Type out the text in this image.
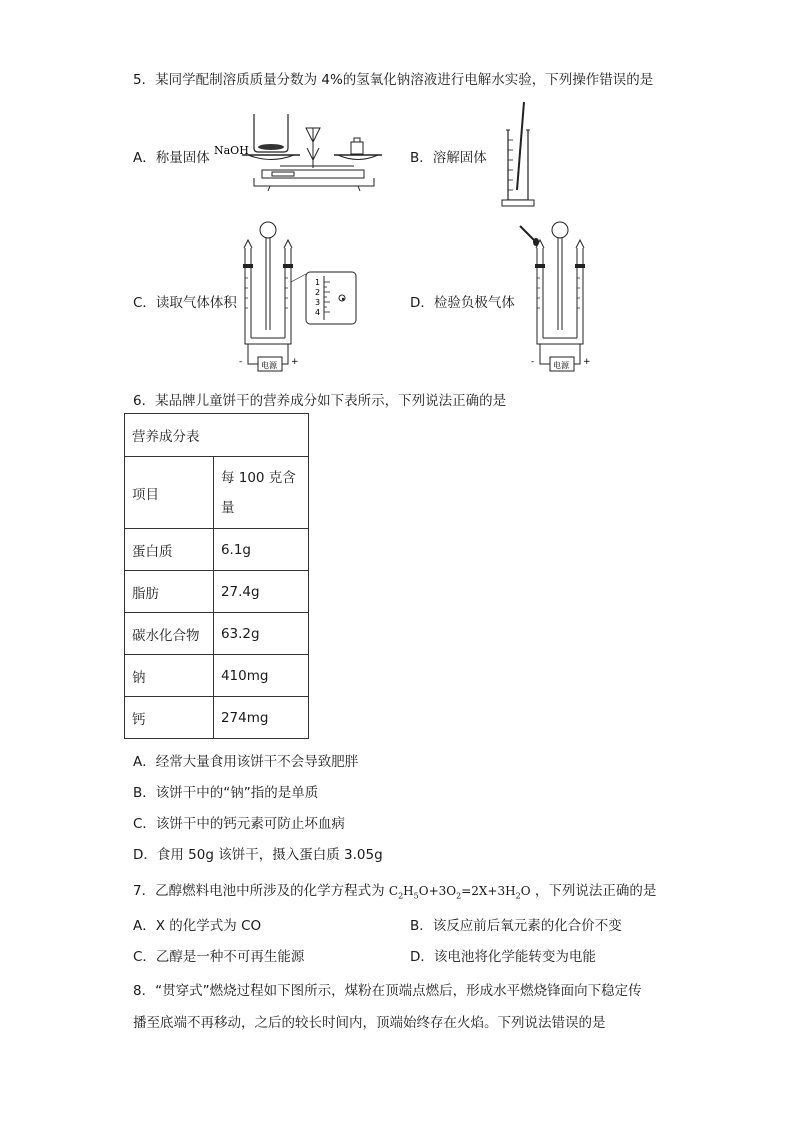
5．某同学配制溶质质量分数为 4%的氢氧化钠溶液进行电解水实验，下列操作错误的是
A．称量固体	B．溶解固体
C．读取气体体积	D．检验负极气体
NaOH
电源
-	+
1
2
3
4
电源
-	+
6．某品牌儿童饼干的营养成分如下表所示，下列说法正确的是
营养成分表	
项目	每 100 克含
量

蛋白质	6.1g
脂肪	27.4g
碳水化合物	63.2g
钠	410mg
钙	274mg
A．经常大量食用该饼干不会导致肥胖
B．该饼干中的“钠”指的是单质
C．该饼干中的钙元素可防止坏血病
D．食用 50g 该饼干，摄入蛋白质 3.05g
7．乙醇燃料电池中所涉及的化学方程式为 $C_2H_5O+3O_2=2X+3H_2O$ ，下列说法正确的是
A．X 的化学式为 CO	B．该反应前后氧元素的化合价不变
C．乙醇是一种不可再生能源	D．该电池将化学能转变为电能
8．“贯穿式”燃烧过程如下图所示，煤粉在顶端点燃后，形成水平燃烧锋面向下稳定传
播至底端不再移动，之后的较长时间内，顶端始终存在火焰。下列说法错误的是
